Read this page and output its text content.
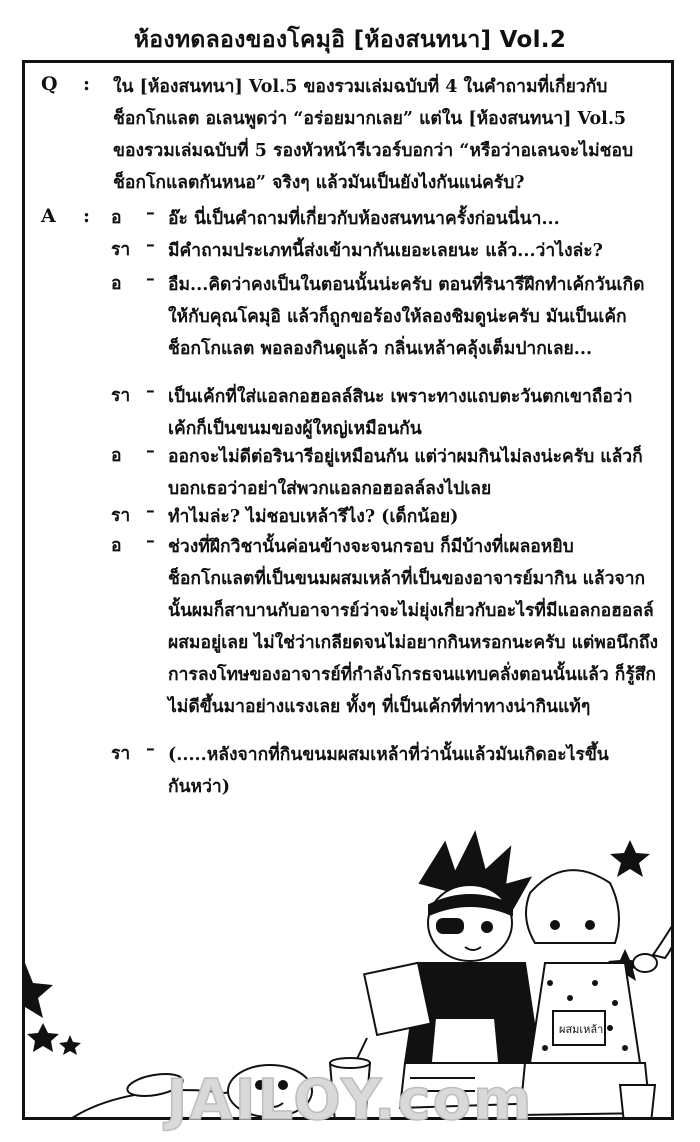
ห้องทดลองของโคมุอิ [ห้องสนทนา] Vol.2
Q : ใน [ห้องสนทนา] Vol.5 ของรวมเล่มฉบับที่ 4 ในคำถามที่เกี่ยวกับช็อกโกแลต อเลนพูดว่า “อร่อยมากเลย” แต่ใน [ห้องสนทนา] Vol.5 ของรวมเล่มฉบับที่ 5 รองหัวหน้ารีเวอร์บอกว่า “หรือว่าอเลนจะไม่ชอบช็อกโกแลตกันหนอ” จริงๆ แล้วมันเป็นยังไงกันแน่ครับ?
A : อ	– อ๊ะ นี่เป็นคำถามที่เกี่ยวกับห้องสนทนาครั้งก่อนนี่นา...
รา – มีคำถามประเภทนี้ส่งเข้ามากันเยอะเลยนะ แล้ว...ว่าไงล่ะ?
อ	– อืม...คิดว่าคงเป็นในตอนนั้นน่ะครับ ตอนที่รินารีฝึกทำเค้กวันเกิดให้กับคุณโคมุอิ แล้วก็ถูกขอร้องให้ลองชิมดูน่ะครับ มันเป็นเค้กช็อกโกแลต พอลองกินดูแล้ว กลิ่นเหล้าคลุ้งเต็มปากเลย...
รา – เป็นเค้กที่ใส่แอลกอฮอลล์สินะ เพราะทางแถบตะวันตกเขาถือว่าเค้กก็เป็นขนมของผู้ใหญ่เหมือนกัน
อ	– ออกจะไม่ดีต่อรินารีอยู่เหมือนกัน แต่ว่าผมกินไม่ลงน่ะครับ แล้วก็บอกเธอว่าอย่าใส่พวกแอลกอฮอลล์ลงไปเลย
รา – ทำไมล่ะ? ไม่ชอบเหล้ารึไง? (เด็กน้อย)
อ	– ช่วงที่ฝึกวิชานั้นค่อนข้างจะจนกรอบ ก็มีบ้างที่เผลอหยิบช็อกโกแลตที่เป็นขนมผสมเหล้าที่เป็นของอาจารย์มากิน แล้วจากนั้นผมก็สาบานกับอาจารย์ว่าจะไม่ยุ่งเกี่ยวกับอะไรที่มีแอลกอฮอลล์ผสมอยู่เลย ไม่ใช่ว่าเกลียดจนไม่อยากกินหรอกนะครับ แต่พอนึกถึงการลงโทษของอาจารย์ที่กำลังโกรธจนแทบคลั่งตอนนั้นแล้ว ก็รู้สึกไม่ดีขึ้นมาอย่างแรงเลย ทั้งๆ ที่เป็นเค้กที่ท่าทางน่ากินแท้ๆ
รา – (.....หลังจากที่กินขนมผสมเหล้าที่ว่านั้นแล้วมันเกิดอะไรขึ้นกันหว่า)
ผสมเหล้า
JAILOY.com
